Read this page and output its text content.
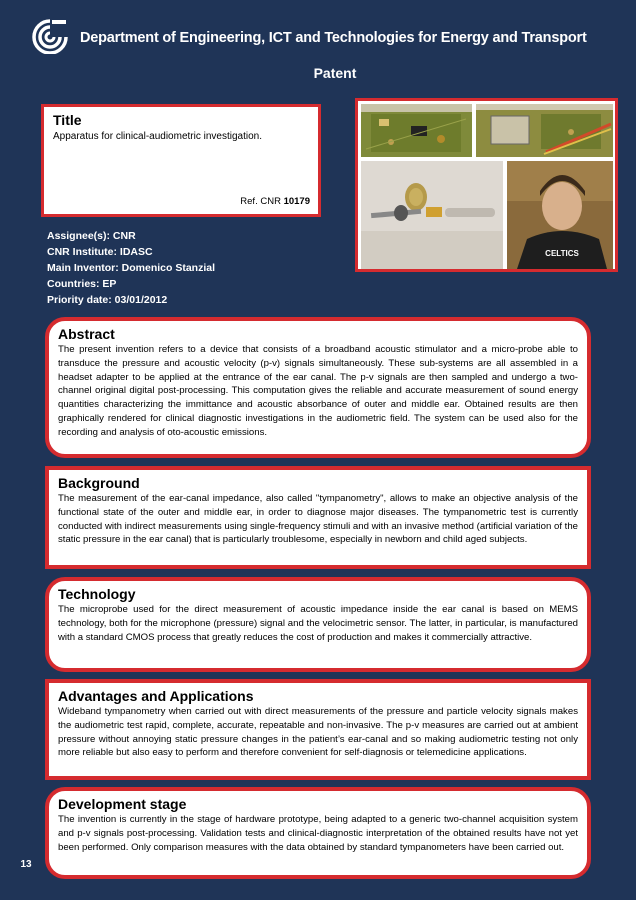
Department of Engineering, ICT and Technologies for Energy and Transport
Patent
Title
Apparatus for clinical-audiometric investigation.
Ref. CNR 10179
CELTICS
Assignee(s): CNR
CNR Institute: IDASC
Main Inventor: Domenico Stanzial
Countries: EP
Priority date: 03/01/2012
Abstract
The present invention refers to a device that consists of a broadband acoustic stimulator and a micro-probe able to transduce the pressure and acoustic velocity (p-v) signals simultaneously. These sub-systems are all assembled in a headset adapter to be applied at the entrance of the ear canal. The p-v signals are then sampled and undergo a two-channel original digital post-processing. This computation gives the reliable and accurate measurement of sound energy quantities characterizing the immittance and acoustic absorbance of outer and middle ear. Obtained results are then graphically rendered for clinical diagnostic investigations in the audiometric field. The system can be used also for the recording and analysis of oto-acoustic emissions.
Background
The measurement of the ear-canal impedance, also called "tympanometry", allows to make an objective analysis of the functional state of the outer and middle ear, in order to diagnose major diseases. The tympanometric test is currently conducted with indirect measurements using single-frequency stimuli and with an invasive method (artificial variation of the static pressure in the ear canal) that is particularly troublesome, especially in newborn and child aged subjects.
Technology
The microprobe used for the direct measurement of acoustic impedance inside the ear canal is based on MEMS technology, both for the microphone (pressure) signal and the velocimetric sensor. The latter, in particular, is manufactured with a standard CMOS process that greatly reduces the cost of production and makes it commercially attractive.
Advantages and Applications
Wideband tympanometry when carried out with direct measurements of the pressure and particle velocity signals makes the audiometric test rapid, complete, accurate, repeatable and non-invasive. The p-v measures are carried out at ambient pressure without annoying static pressure changes in the patient’s ear-canal and so making audiometric testing not only more reliable but also easy to perform and therefore convenient for self-diagnosis or telemedicine applications.
Development stage
The invention is currently in the stage of hardware prototype, being adapted to a generic two-channel acquisition system and p-v signals post-processing. Validation tests and clinical-diagnostic interpretation of the obtained results have not yet been performed. Only comparison measures with the data obtained by standard tympanometers have been carried out.
13
